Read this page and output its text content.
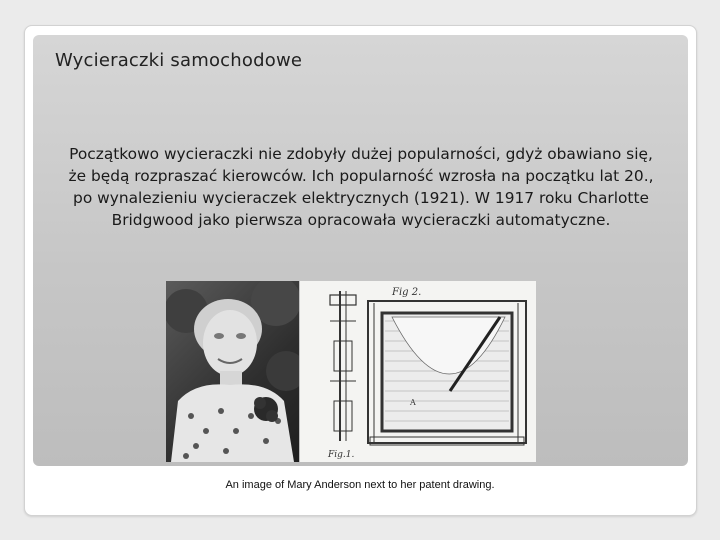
Wycieraczki samochodowe
Początkowo wycieraczki nie zdobyły dużej popularności, gdyż obawiano się, że będą rozpraszać kierowców. Ich popularność wzrosła na początku lat 20., po wynalezieniu wycieraczek elektrycznych (1921). W 1917 roku Charlotte Bridgwood jako pierwsza opracowała wycieraczki automatyczne.
Fig.1.
Fig 2.
A
An image of Mary Anderson next to her patent drawing.
